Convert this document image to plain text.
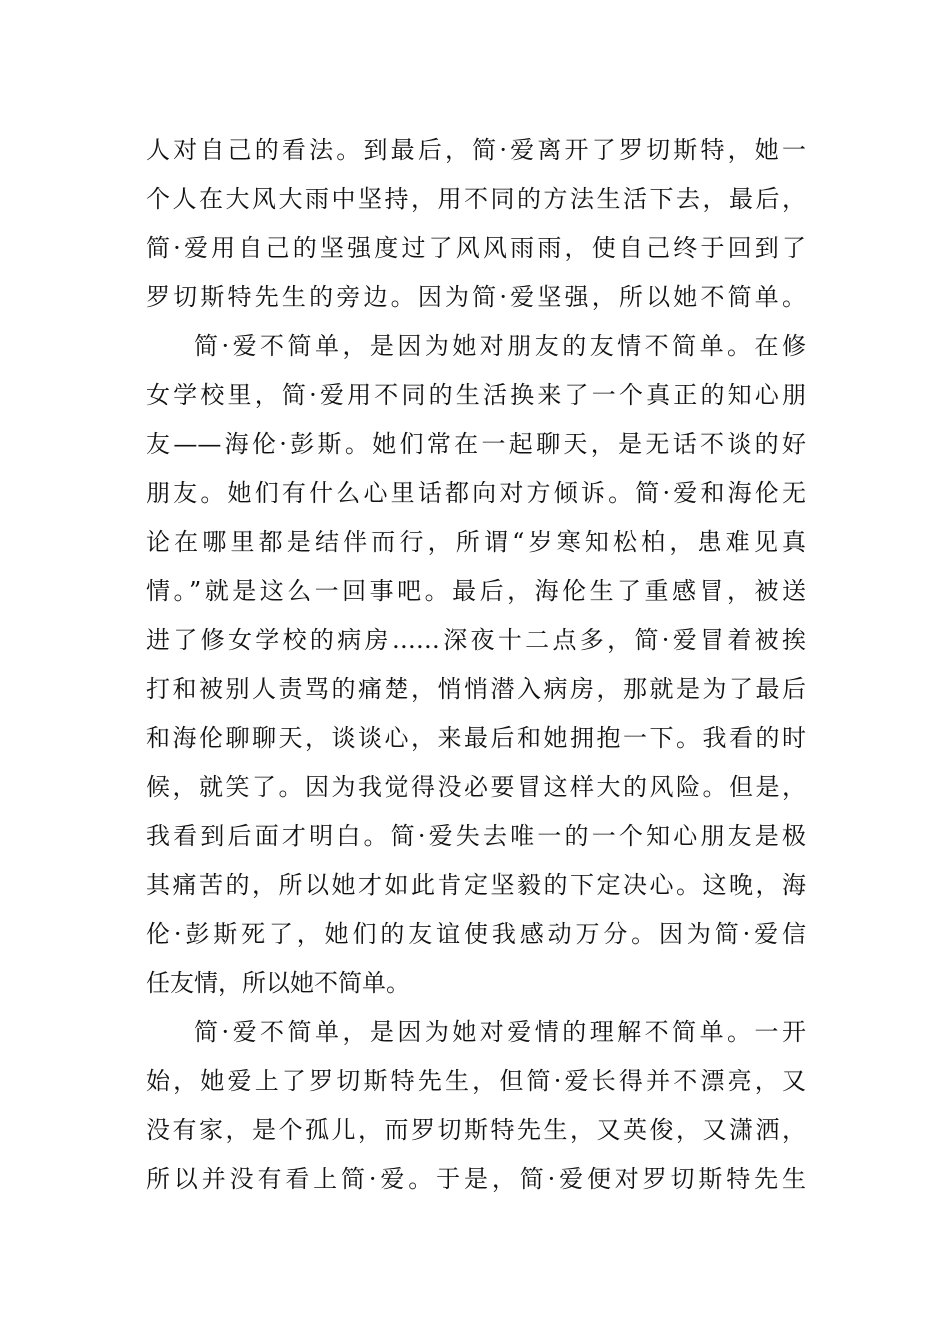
人对自己的看法。到最后，简·爱离开了罗切斯特，她一
个人在大风大雨中坚持，用不同的方法生活下去，最后，
简·爱用自己的坚强度过了风风雨雨，使自己终于回到了
罗切斯特先生的旁边。因为简·爱坚强，所以她不简单。
简·爱不简单，是因为她对朋友的友情不简单。在修
女学校里，简·爱用不同的生活换来了一个真正的知心朋
友——海伦·彭斯。她们常在一起聊天，是无话不谈的好
朋友。她们有什么心里话都向对方倾诉。简·爱和海伦无
论在哪里都是结伴而行，所谓“岁寒知松柏，患难见真
情。”就是这么一回事吧。最后，海伦生了重感冒，被送
进了修女学校的病房……深夜十二点多，简·爱冒着被挨
打和被别人责骂的痛楚，悄悄潜入病房，那就是为了最后
和海伦聊聊天，谈谈心，来最后和她拥抱一下。我看的时
候，就笑了。因为我觉得没必要冒这样大的风险。但是，
我看到后面才明白。简·爱失去唯一的一个知心朋友是极
其痛苦的，所以她才如此肯定坚毅的下定决心。这晚，海
伦·彭斯死了，她们的友谊使我感动万分。因为简·爱信
任友情，所以她不简单。
简·爱不简单，是因为她对爱情的理解不简单。一开
始，她爱上了罗切斯特先生，但简·爱长得并不漂亮，又
没有家，是个孤儿，而罗切斯特先生，又英俊，又潇洒，
所以并没有看上简·爱。于是，简·爱便对罗切斯特先生
